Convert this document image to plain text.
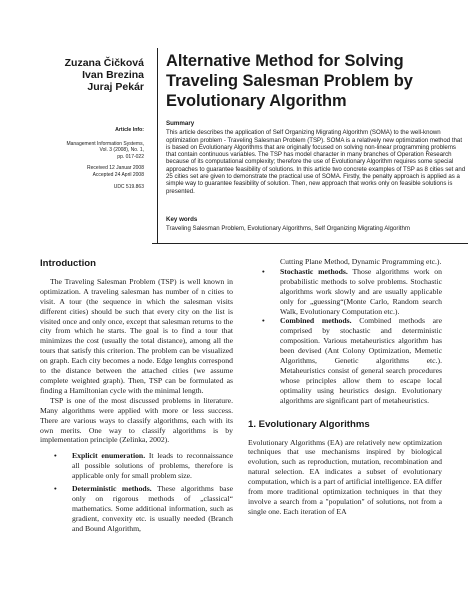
Zuzana Čičková
Ivan Brezina
Juraj Pekár
Article Info:
Management Information Systems,
Vol. 3 (2008), No. 1,
pp. 017-022
Received 12 Januar 2008
Accepted 24 April 2008
UDC 519.863
Alternative Method for Solving Traveling Salesman Problem by Evolutionary Algorithm
Summary
This article describes the application of Self Organizing Migrating Algorithm (SOMA) to the well-known optimization problem - Traveling Salesman Problem (TSP). SOMA is a relatively new optimization method that is based on Evolutionary Algorithms that are originally focused on solving non-linear programming problems that contain continuous variables. The TSP has model character in many branches of Operation Research because of its computational complexity; therefore the use of Evolutionary Algorithm requires some special approaches to guarantee feasibility of solutions. In this article two concrete examples of TSP as 8 cities set and 25 cities set are given to demonstrate the practical use of SOMA. Firstly, the penalty approach is applied as a simple way to guarantee feasibility of solution. Then, new approach that works only on feasible solutions is presented.
Key words
Traveling Salesman Problem, Evolutionary Algorithms, Self Organizing Migrating Algorithm
Introduction

The Traveling Salesman Problem (TSP) is well known in optimization. A traveling salesman has number of n cities to visit. A tour (the sequence in which the salesman visits different cities) should be such that every city on the list is visited once and only once, except that salesman returns to the city from which he starts. The goal is to find a tour that minimizes the cost (usually the total distance), among all the tours that satisfy this criterion. The problem can be visualized on graph. Each city becomes a node. Edge lenghts correspond to the distance between the attached cities (we assume complete weighted graph). Then, TSP can be formulated as finding a Hamiltonian cycle with the minimal length.

TSP is one of the most discussed problems in literature. Many algorithms were applied with more or less success. There are various ways to classify algorithms, each with its own merits. One way to classify algorithms is by implementation principle (Zelinka, 2002).

• Explicit enumeration. It leads to reconnaissance all possible solutions of problems, therefore is applicable only for small problem size.

• Deterministic methods. These algorithms base only on rigorous methods of „classical“ mathematics. Some additional information, such as gradient, convexity etc. is usually needed (Branch and Bound Algorithm,

Cutting Plane Method, Dynamic Programming etc.).

• Stochastic methods. Those algorithms work on probabilistic methods to solve problems. Stochastic algorithms work slowly and are usually applicable only for „guessing“(Monte Carlo, Random search Walk, Evolutionary Computation etc.).

• Combined methods. Combined methods are comprised by stochastic and deterministic composition. Various metaheuristics algorithm has been devised (Ant Colony Optimization, Memetic Algorithms, Genetic algorithms etc.). Metaheuristics consist of general search procedures whose principles allow them to escape local optimality using heuristics design. Evolutionary algorithms are significant part of metaheuristics.

1. Evolutionary Algorithms

Evolutionary Algorithms (EA) are relatively new optimization techniques that use mechanisms inspired by biological evolution, such as reproduction, mutation, recombination and natural selection. EA indicates a subset of evolutionary computation, which is a part of artificial intelligence. EA differ from more traditional optimization techniques in that they involve a search from a "population" of solutions, not from a single one. Each iteration of EA
